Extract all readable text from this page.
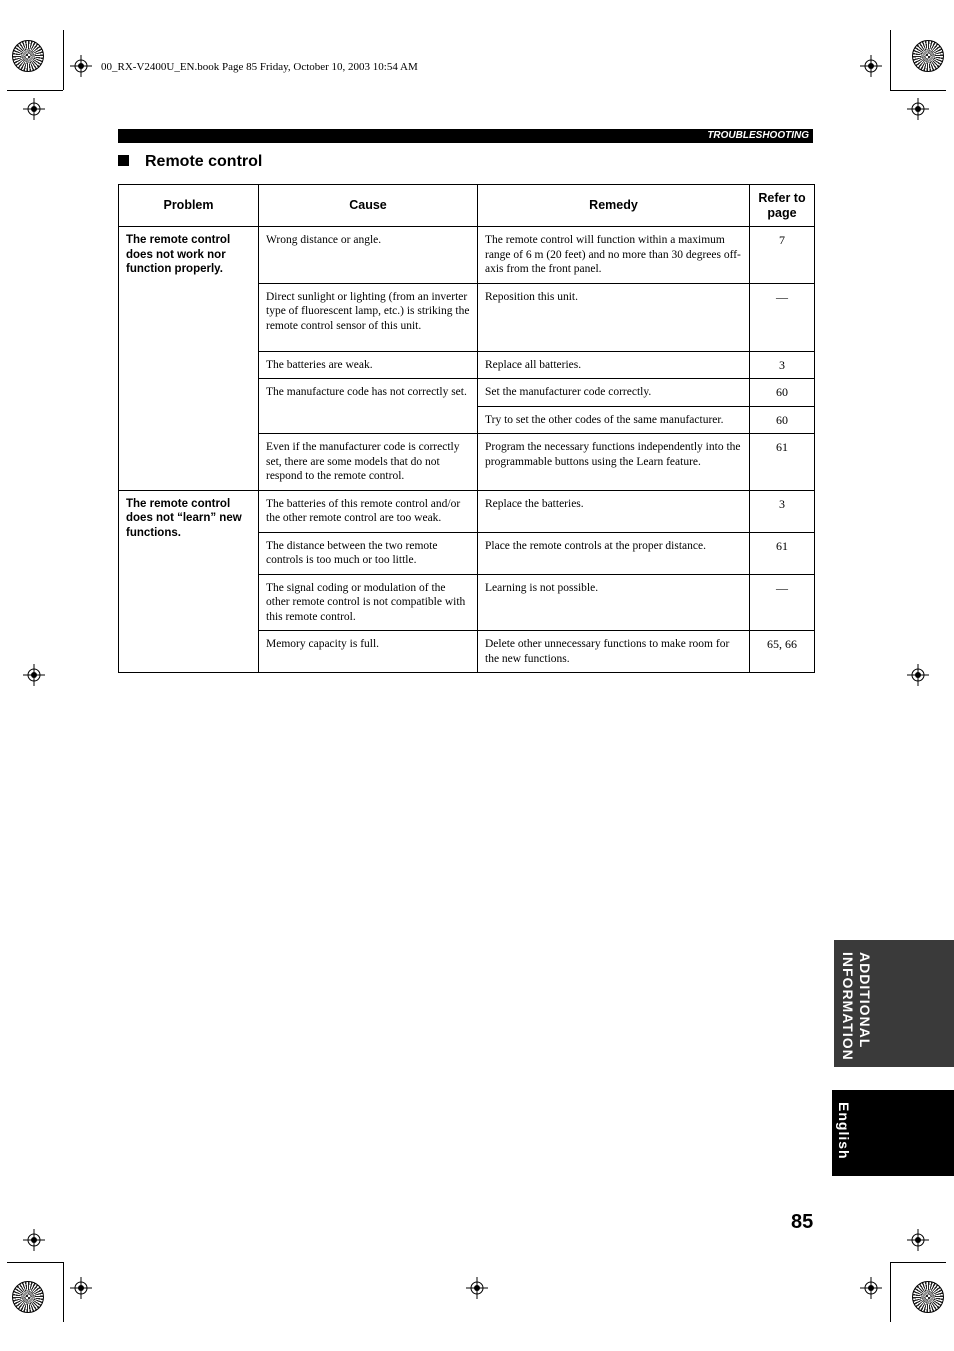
00_RX-V2400U_EN.book Page 85 Friday, October 10, 2003 10:54 AM
TROUBLESHOOTING
Remote control
Problem	Cause	Remedy	Refer to page
The remote control does not work nor function properly.	Wrong distance or angle.	The remote control will function within a maximum range of 6 m (20 feet) and no more than 30 degrees off-axis from the front panel.	7
	Direct sunlight or lighting (from an inverter type of fluorescent lamp, etc.) is striking the remote control sensor of this unit.	Reposition this unit.	—
	The batteries are weak.	Replace all batteries.	3
	The manufacture code has not correctly set.	Set the manufacturer code correctly.	60
		Try to set the other codes of the same manufacturer.	60
	Even if the manufacturer code is correctly set, there are some models that do not respond to the remote control.	Program the necessary functions independently into the programmable buttons using the Learn feature.	61
The remote control does not “learn” new functions.	The batteries of this remote control and/or the other remote control are too weak.	Replace the batteries.	3
	The distance between the two remote controls is too much or too little.	Place the remote controls at the proper distance.	61
	The signal coding or modulation of the other remote control is not compatible with this remote control.	Learning is not possible.	—
	Memory capacity is full.	Delete other unnecessary functions to make room for the new functions.	65, 66
ADDITIONAL INFORMATION
English
85
